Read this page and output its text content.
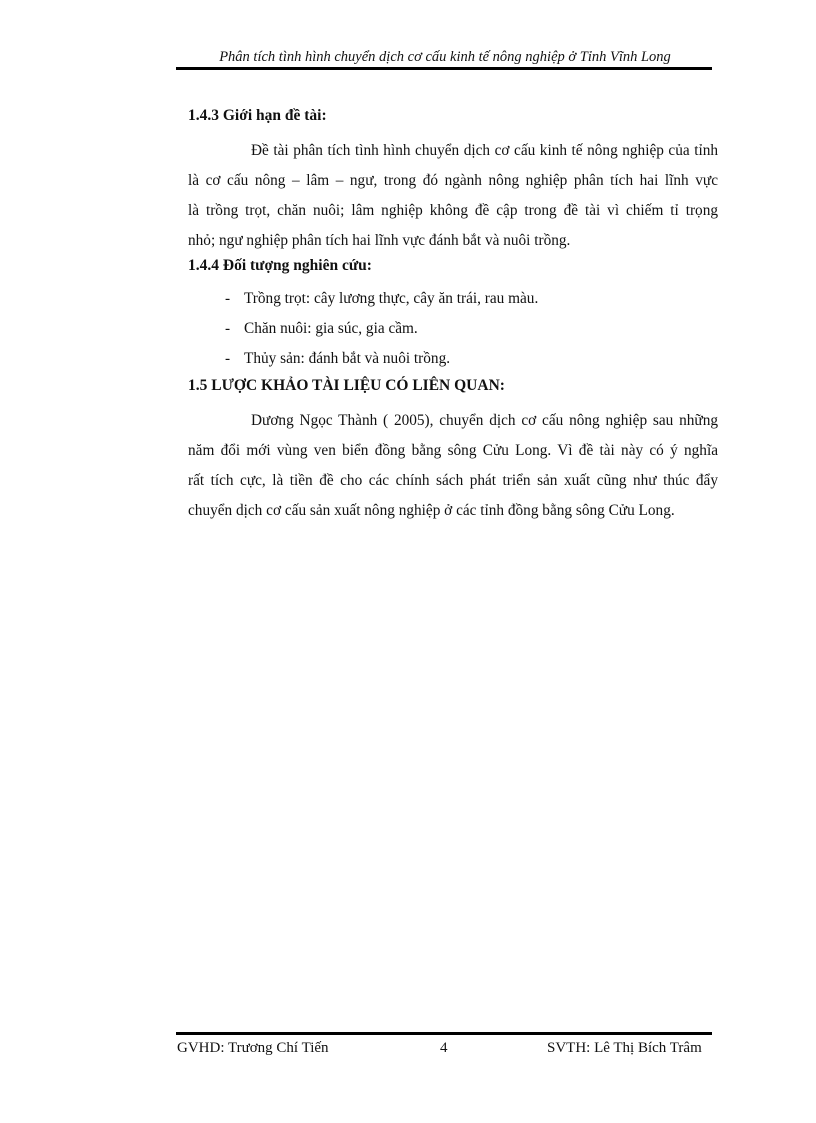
Phân tích tình hình chuyển dịch cơ cấu kinh tế nông nghiệp ở Tỉnh Vĩnh Long
1.4.3 Giới hạn đề tài:
Đề tài phân tích tình hình chuyển dịch cơ cấu kinh tế nông nghiệp của tỉnh
là cơ cấu nông – lâm – ngư, trong đó ngành nông nghiệp phân tích hai lĩnh vực
là trồng trọt, chăn nuôi; lâm nghiệp không đề cập trong đề tài vì chiếm tỉ trọng
nhỏ; ngư nghiệp phân tích hai lĩnh vực đánh bắt và nuôi trồng.
1.4.4 Đối tượng nghiên cứu:
- Trồng trọt: cây lương thực, cây ăn trái, rau màu.
- Chăn nuôi: gia súc, gia cầm.
- Thủy sản: đánh bắt và nuôi trồng.
1.5 LƯỢC KHẢO TÀI LIỆU CÓ LIÊN QUAN:
Dương Ngọc Thành ( 2005), chuyển dịch cơ cấu nông nghiệp sau những
năm đổi mới vùng ven biển đồng bằng sông Cửu Long. Vì đề tài này có ý nghĩa
rất tích cực, là tiền đề cho các chính sách phát triển sản xuất cũng như thúc đẩy
chuyển dịch cơ cấu sản xuất nông nghiệp ở các tỉnh đồng bằng sông Cửu Long.
GVHD: Trương Chí Tiến	4	SVTH: Lê Thị Bích Trâm
